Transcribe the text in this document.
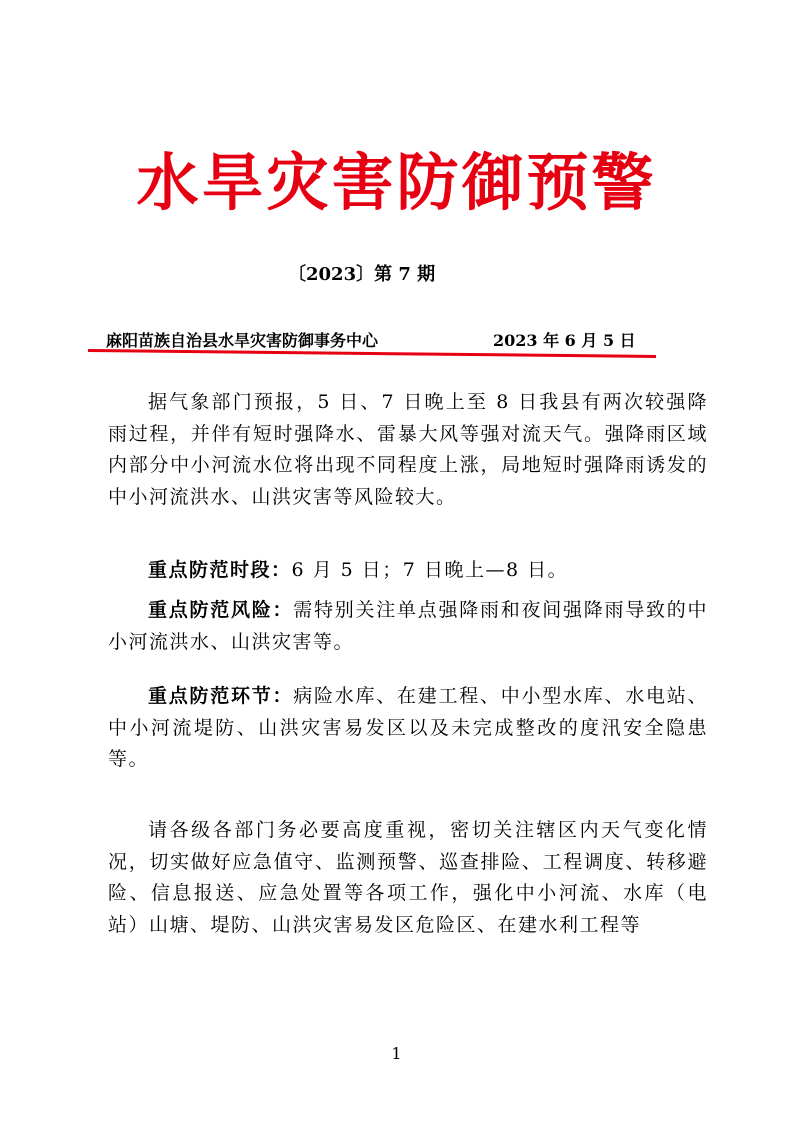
水旱灾害防御预警
〔2023〕第 7 期
麻阳苗族自治县水旱灾害防御事务中心	2023 年 6 月 5 日
据气象部门预报，5 日、7 日晚上至 8 日我县有两次较强降雨过程，并伴有短时强降水、雷暴大风等强对流天气。强降雨区域内部分中小河流水位将出现不同程度上涨，局地短时强降雨诱发的中小河流洪水、山洪灾害等风险较大。
重点防范时段：6 月 5 日；7 日晚上—8 日。
重点防范风险：需特别关注单点强降雨和夜间强降雨导致的中小河流洪水、山洪灾害等。
重点防范环节：病险水库、在建工程、中小型水库、水电站、中小河流堤防、山洪灾害易发区以及未完成整改的度汛安全隐患等。
请各级各部门务必要高度重视，密切关注辖区内天气变化情况，切实做好应急值守、监测预警、巡查排险、工程调度、转移避险、信息报送、应急处置等各项工作，强化中小河流、水库（电站）山塘、堤防、山洪灾害易发区危险区、在建水利工程等
1
